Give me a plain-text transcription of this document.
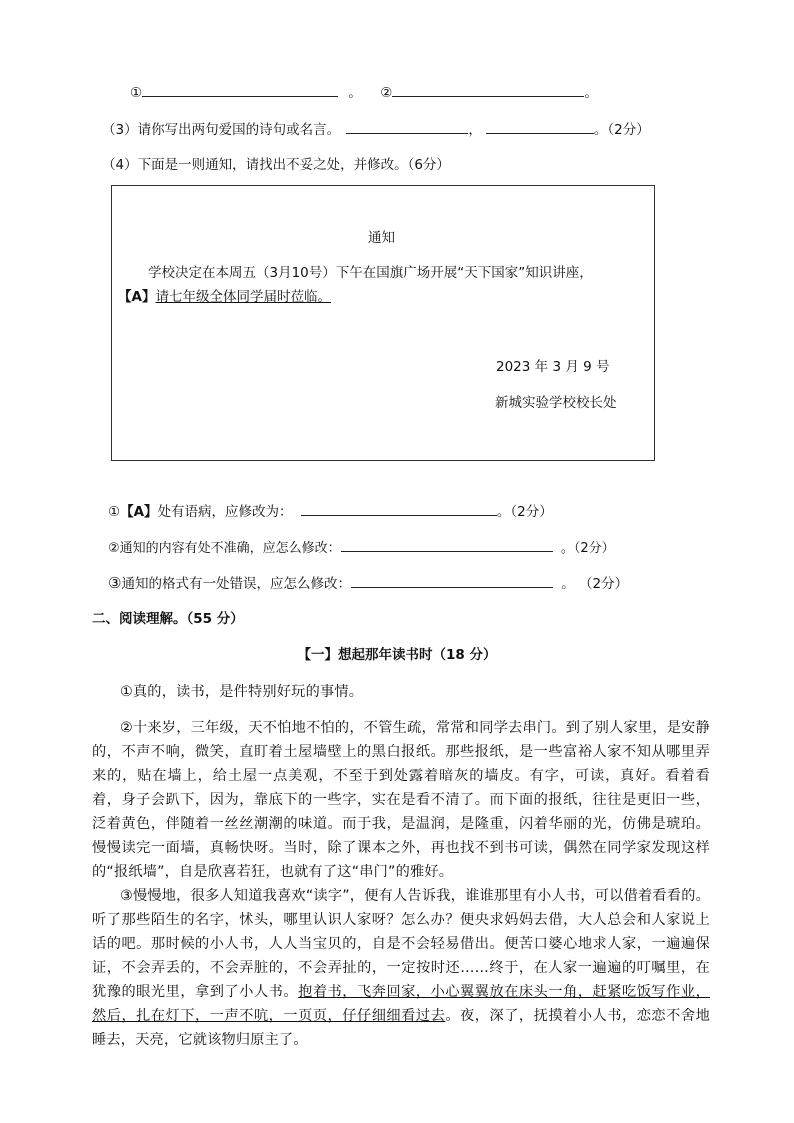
①	。 ②	。
（3）请你写出两句爱国的诗句或名言。	，	。（2分）
（4）下面是一则通知，请找出不妥之处，并修改。（6分）
通知
学校决定在本周五（3月10号）下午在国旗广场开展“天下国家”知识讲座，
【A】请七年级全体同学届时莅临。
2023 年 3 月 9 号
新城实验学校校长处
①【A】处有语病，应修改为：	。（2分）
②通知的内容有处不准确，应怎么修改：	。（2分）
③通知的格式有一处错误，应怎么修改：	。 （2分）
二、阅读理解。（55 分）
【一】想起那年读书时（18 分）
①真的，读书，是件特别好玩的事情。
②十来岁，三年级，天不怕地不怕的，不管生疏，常常和同学去串门。到了别人家里，是安静的，不声不响，微笑，直盯着土屋墙壁上的黑白报纸。那些报纸，是一些富裕人家不知从哪里弄来的，贴在墙上，给土屋一点美观，不至于到处露着暗灰的墙皮。有字，可读，真好。看着看着，身子会趴下，因为，靠底下的一些字，实在是看不清了。而下面的报纸，往往是更旧一些，泛着黄色，伴随着一丝丝潮潮的味道。而于我，是温润，是隆重，闪着华丽的光，仿佛是琥珀。慢慢读完一面墙，真畅快呀。当时，除了课本之外，再也找不到书可读，偶然在同学家发现这样的“报纸墙”，自是欣喜若狂，也就有了这“串门”的雅好。
③慢慢地，很多人知道我喜欢“读字”，便有人告诉我，谁谁那里有小人书，可以借着看看的。听了那些陌生的名字，怵头，哪里认识人家呀？怎么办？便央求妈妈去借，大人总会和人家说上话的吧。那时候的小人书，人人当宝贝的，自是不会轻易借出。便苦口婆心地求人家，一遍遍保证，不会弄丢的，不会弄脏的，不会弄扯的，一定按时还……终于，在人家一遍遍的叮嘱里，在犹豫的眼光里，拿到了小人书。抱着书，飞奔回家，小心翼翼放在床头一角，赶紧吃饭写作业，然后，扎在灯下，一声不吭，一页页，仔仔细细看过去。夜，深了，抚摸着小人书，恋恋不舍地睡去，天亮，它就该物归原主了。
